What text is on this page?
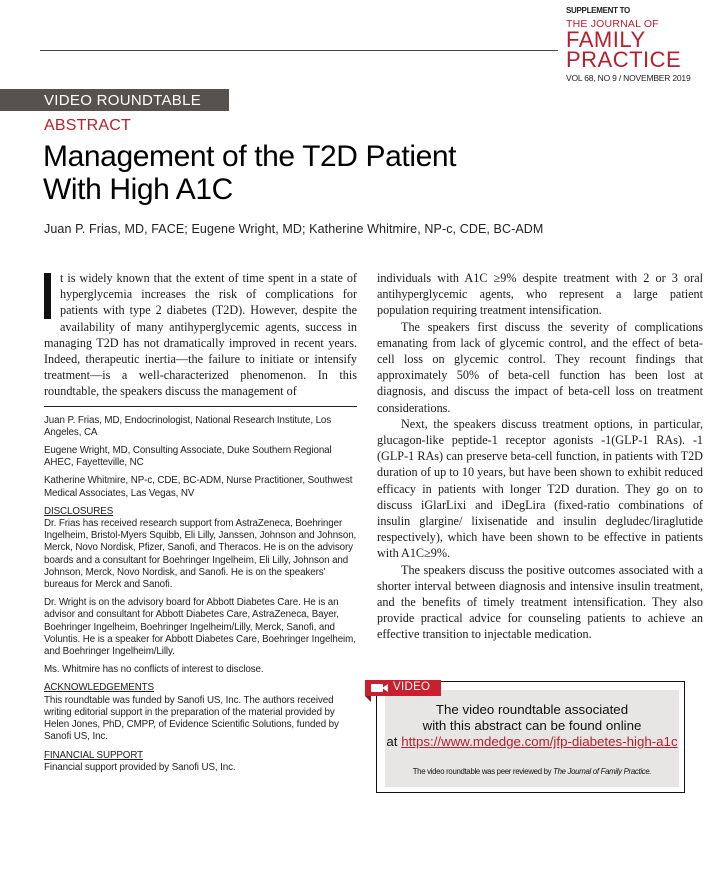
SUPPLEMENT TO
THE JOURNAL OF
FAMILY
PRACTICE
VOL 68, NO 9 / NOVEMBER 2019
VIDEO ROUNDTABLE
ABSTRACT
Management of the T2D Patient
With High A1C
Juan P. Frias, MD, FACE; Eugene Wright, MD; Katherine Whitmire, NP-c, CDE, BC-ADM

t is widely known that the extent of time spent in a state of hyperglycemia increases the risk of complications for patients with type 2 diabetes (T2D). However, despite the availability of many antihyperglycemic agents, success in managing T2D has not dramatically improved in recent years. Indeed, therapeutic inertia—the failure to initiate or intensify treatment—is a well-characterized phenomenon. In this roundtable, the speakers discuss the management of

Juan P. Frias, MD, Endocrinologist, National Research Institute, Los Angeles, CA

Eugene Wright, MD, Consulting Associate, Duke Southern Regional AHEC, Fayetteville, NC

Katherine Whitmire, NP-c, CDE, BC-ADM, Nurse Practitioner, Southwest Medical Associates, Las Vegas, NV

DISCLOSURES

Dr. Frias has received research support from AstraZeneca, Boehringer Ingelheim, Bristol-Myers Squibb, Eli Lilly, Janssen, Johnson and Johnson, Merck, Novo Nordisk, Pfizer, Sanofi, and Theracos. He is on the advisory boards and a consultant for Boehringer Ingelheim, Eli Lilly, Johnson and Johnson, Merck, Novo Nordisk, and Sanofi. He is on the speakers' bureaus for Merck and Sanofi.

Dr. Wright is on the advisory board for Abbott Diabetes Care. He is an advisor and consultant for Abbott Diabetes Care, AstraZeneca, Bayer, Boehringer Ingelheim, Boehringer Ingelheim/Lilly, Merck, Sanofi, and Voluntis. He is a speaker for Abbott Diabetes Care, Boehringer Ingelheim, and Boehringer Ingelheim/Lilly.

Ms. Whitmire has no conflicts of interest to disclose.

ACKNOWLEDGEMENTS

This roundtable was funded by Sanofi US, Inc. The authors received writing editorial support in the preparation of the material provided by Helen Jones, PhD, CMPP, of Evidence Scientific Solutions, funded by Sanofi US, Inc.

FINANCIAL SUPPORT

Financial support provided by Sanofi US, Inc.

individuals with A1C ≥9% despite treatment with 2 or 3 oral antihyperglycemic agents, who represent a large patient population requiring treatment intensification.

The speakers first discuss the severity of complications emanating from lack of glycemic control, and the effect of beta-cell loss on glycemic control. They recount findings that approximately 50% of beta-cell function has been lost at diagnosis, and discuss the impact of beta-cell loss on treatment considerations.

Next, the speakers discuss treatment options, in particular, glucagon-like peptide-1 receptor agonists -1(GLP-1 RAs). -1 (GLP-1 RAs) can preserve beta-cell function, in patients with T2D duration of up to 10 years, but have been shown to exhibit reduced efficacy in patients with longer T2D duration. They go on to discuss iGlarLixi and iDegLira (fixed-ratio combinations of insulin glargine/ lixisenatide and insulin degludec/liraglutide respectively), which have been shown to be effective in patients with A1C≥9%.

The speakers discuss the positive outcomes associated with a shorter interval between diagnosis and intensive insulin treatment, and the benefits of timely treatment intensification. They also provide practical advice for counseling patients to achieve an effective transition to injectable medication.

The video roundtable associated
with this abstract can be found online
at https://www.mdedge.com/jfp-diabetes-high-a1c
The video roundtable was peer reviewed by The Journal of Family Practice.
VIDEO
